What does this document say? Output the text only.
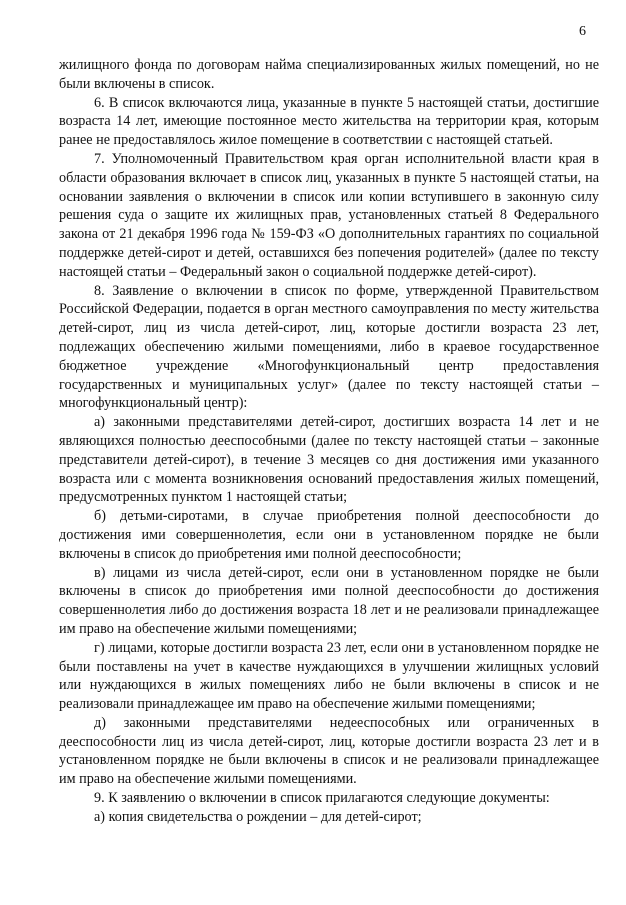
6

жилищного фонда по договорам найма специализированных жилых помещений, но не были включены в список.

6. В список включаются лица, указанные в пункте 5 настоящей статьи, достигшие возраста 14 лет, имеющие постоянное место жительства на территории края, которым ранее не предоставлялось жилое помещение в соответствии с настоящей статьей.

7. Уполномоченный Правительством края орган исполнительной власти края в области образования включает в список лиц, указанных в пункте 5 настоящей статьи, на основании заявления о включении в список или копии вступившего в законную силу решения суда о защите их жилищных прав, установленных статьей 8 Федерального закона от 21 декабря 1996 года № 159-ФЗ «О дополнительных гарантиях по социальной поддержке детей-сирот и детей, оставшихся без попечения родителей» (далее по тексту настоящей статьи – Федеральный закон о социальной поддержке детей-сирот).

8. Заявление о включении в список по форме, утвержденной Правительством Российской Федерации, подается в орган местного самоуправления по месту жительства детей-сирот, лиц из числа детей-сирот, лиц, которые достигли возраста 23 лет, подлежащих обеспечению жилыми помещениями, либо в краевое государственное бюджетное учреждение «Многофункциональный центр предоставления государственных и муниципальных услуг» (далее по тексту настоящей статьи – многофункциональный центр):

а) законными представителями детей-сирот, достигших возраста 14 лет и не являющихся полностью дееспособными (далее по тексту настоящей статьи – законные представители детей-сирот), в течение 3 месяцев со дня достижения ими указанного возраста или с момента возникновения оснований предоставления жилых помещений, предусмотренных пунктом 1 настоящей статьи;

б) детьми-сиротами, в случае приобретения полной дееспособности до достижения ими совершеннолетия, если они в установленном порядке не были включены в список до приобретения ими полной дееспособности;

в) лицами из числа детей-сирот, если они в установленном порядке не были включены в список до приобретения ими полной дееспособности до достижения совершеннолетия либо до достижения возраста 18 лет и не реализовали принадлежащее им право на обеспечение жилыми помещениями;

г) лицами, которые достигли возраста 23 лет, если они в установленном порядке не были поставлены на учет в качестве нуждающихся в улучшении жилищных условий или нуждающихся в жилых помещениях либо не были включены в список и не реализовали принадлежащее им право на обеспечение жилыми помещениями;

д) законными представителями недееспособных или ограниченных в дееспособности лиц из числа детей-сирот, лиц, которые достигли возраста 23 лет и в установленном порядке не были включены в список и не реализовали принадлежащее им право на обеспечение жилыми помещениями.

9. К заявлению о включении в список прилагаются следующие документы:

а) копия свидетельства о рождении – для детей-сирот;
